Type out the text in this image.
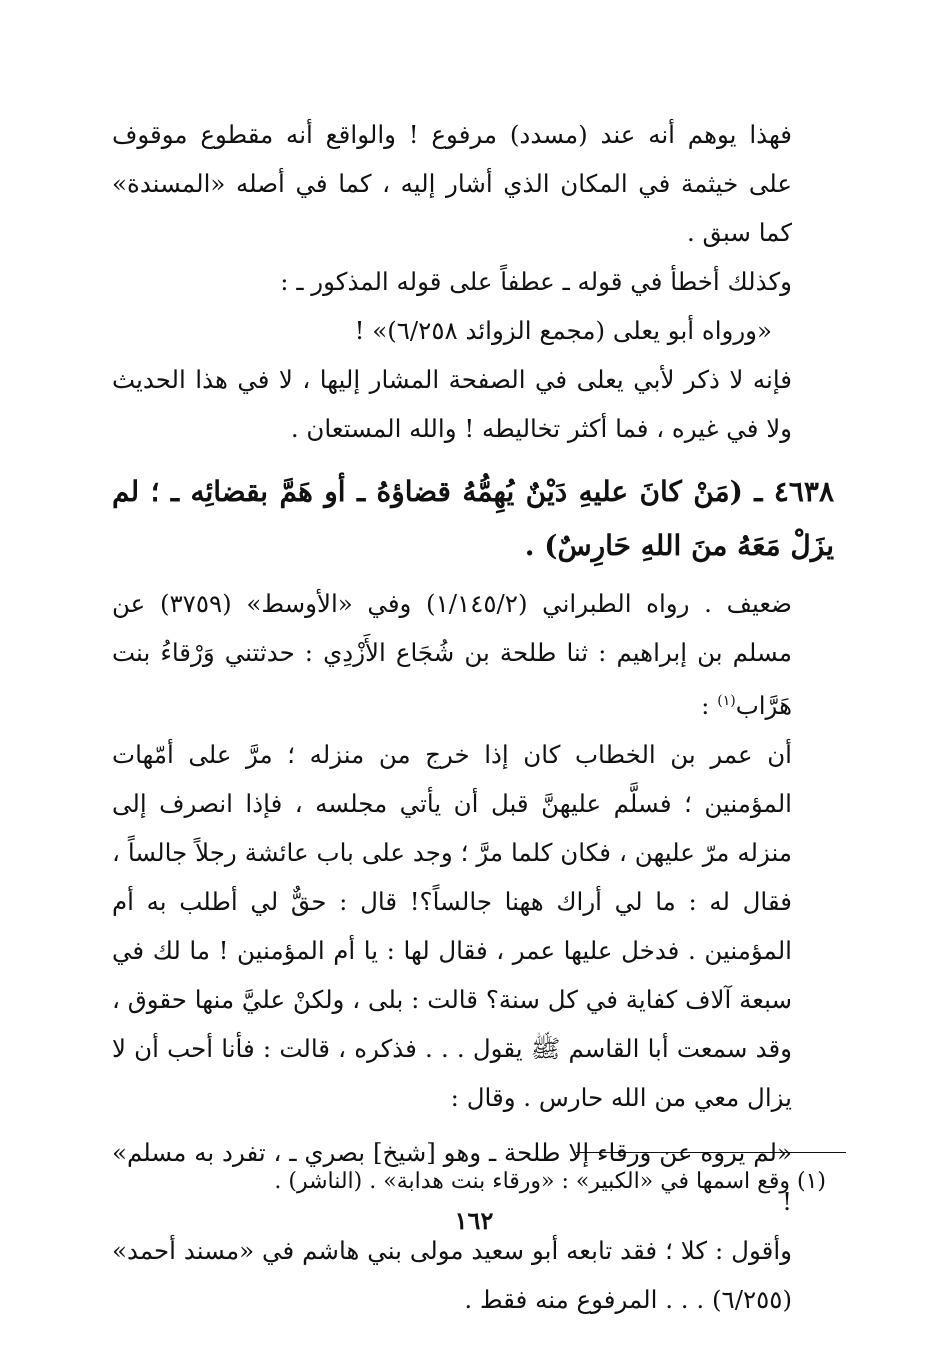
فهذا يوهم أنه عند (مسدد) مرفوع ! والواقع أنه مقطوع موقوف على خيثمة في المكان الذي أشار إليه ، كما في أصله «المسندة» كما سبق .

وكذلك أخطأ في قوله ـ عطفاً على قوله المذكور ـ :

«ورواه أبو يعلى (مجمع الزوائد ٦/٢٥٨)» !

فإنه لا ذكر لأبي يعلى في الصفحة المشار إليها ، لا في هذا الحديث ولا في غيره ، فما أكثر تخاليطه ! والله المستعان .

٤٦٣٨ ـ (مَنْ كانَ عليهِ دَيْنٌ يُهِمُّهُ قضاؤهُ ـ أو هَمَّ بقضائِه ـ ؛ لم يزَلْ مَعَهُ منَ اللهِ حَارِسٌ) .

ضعيف . رواه الطبراني (١/١٤٥/٢) وفي «الأوسط» (٣٧٥٩) عن مسلم بن إبراهيم : ثنا طلحة بن شُجَاع الأَزْدِي : حدثتني وَرْقاءُ بنت هَرَّاب$^{(١)}$ :

أن عمر بن الخطاب كان إذا خرج من منزله ؛ مرَّ على أمّهات المؤمنين ؛ فسلَّم عليهنَّ قبل أن يأتي مجلسه ، فإذا انصرف إلى منزله مرّ عليهن ، فكان كلما مرَّ ؛ وجد على باب عائشة رجلاً جالساً ، فقال له : ما لي أراك ههنا جالساً؟! قال : حقٌّ لي أطلب به أم المؤمنين . فدخل عليها عمر ، فقال لها : يا أم المؤمنين ! ما لك في سبعة آلاف كفاية في كل سنة؟ قالت : بلى ، ولكنْ عليَّ منها حقوق ، وقد سمعت أبا القاسم ﷺ يقول . . . فذكره ، قالت : فأنا أحب أن لا يزال معي من الله حارس . وقال :

«لم يروه عن ورقاء إلا طلحة ـ وهو [شيخ] بصري ـ ، تفرد به مسلم» !

وأقول : كلا ؛ فقد تابعه أبو سعيد مولى بني هاشم في «مسند أحمد» (٦/٢٥٥) . . . المرفوع منه فقط .

(١) وقع اسمها في «الكبير» : «ورقاء بنت هدابة» . (الناشر) .

١٦٢
